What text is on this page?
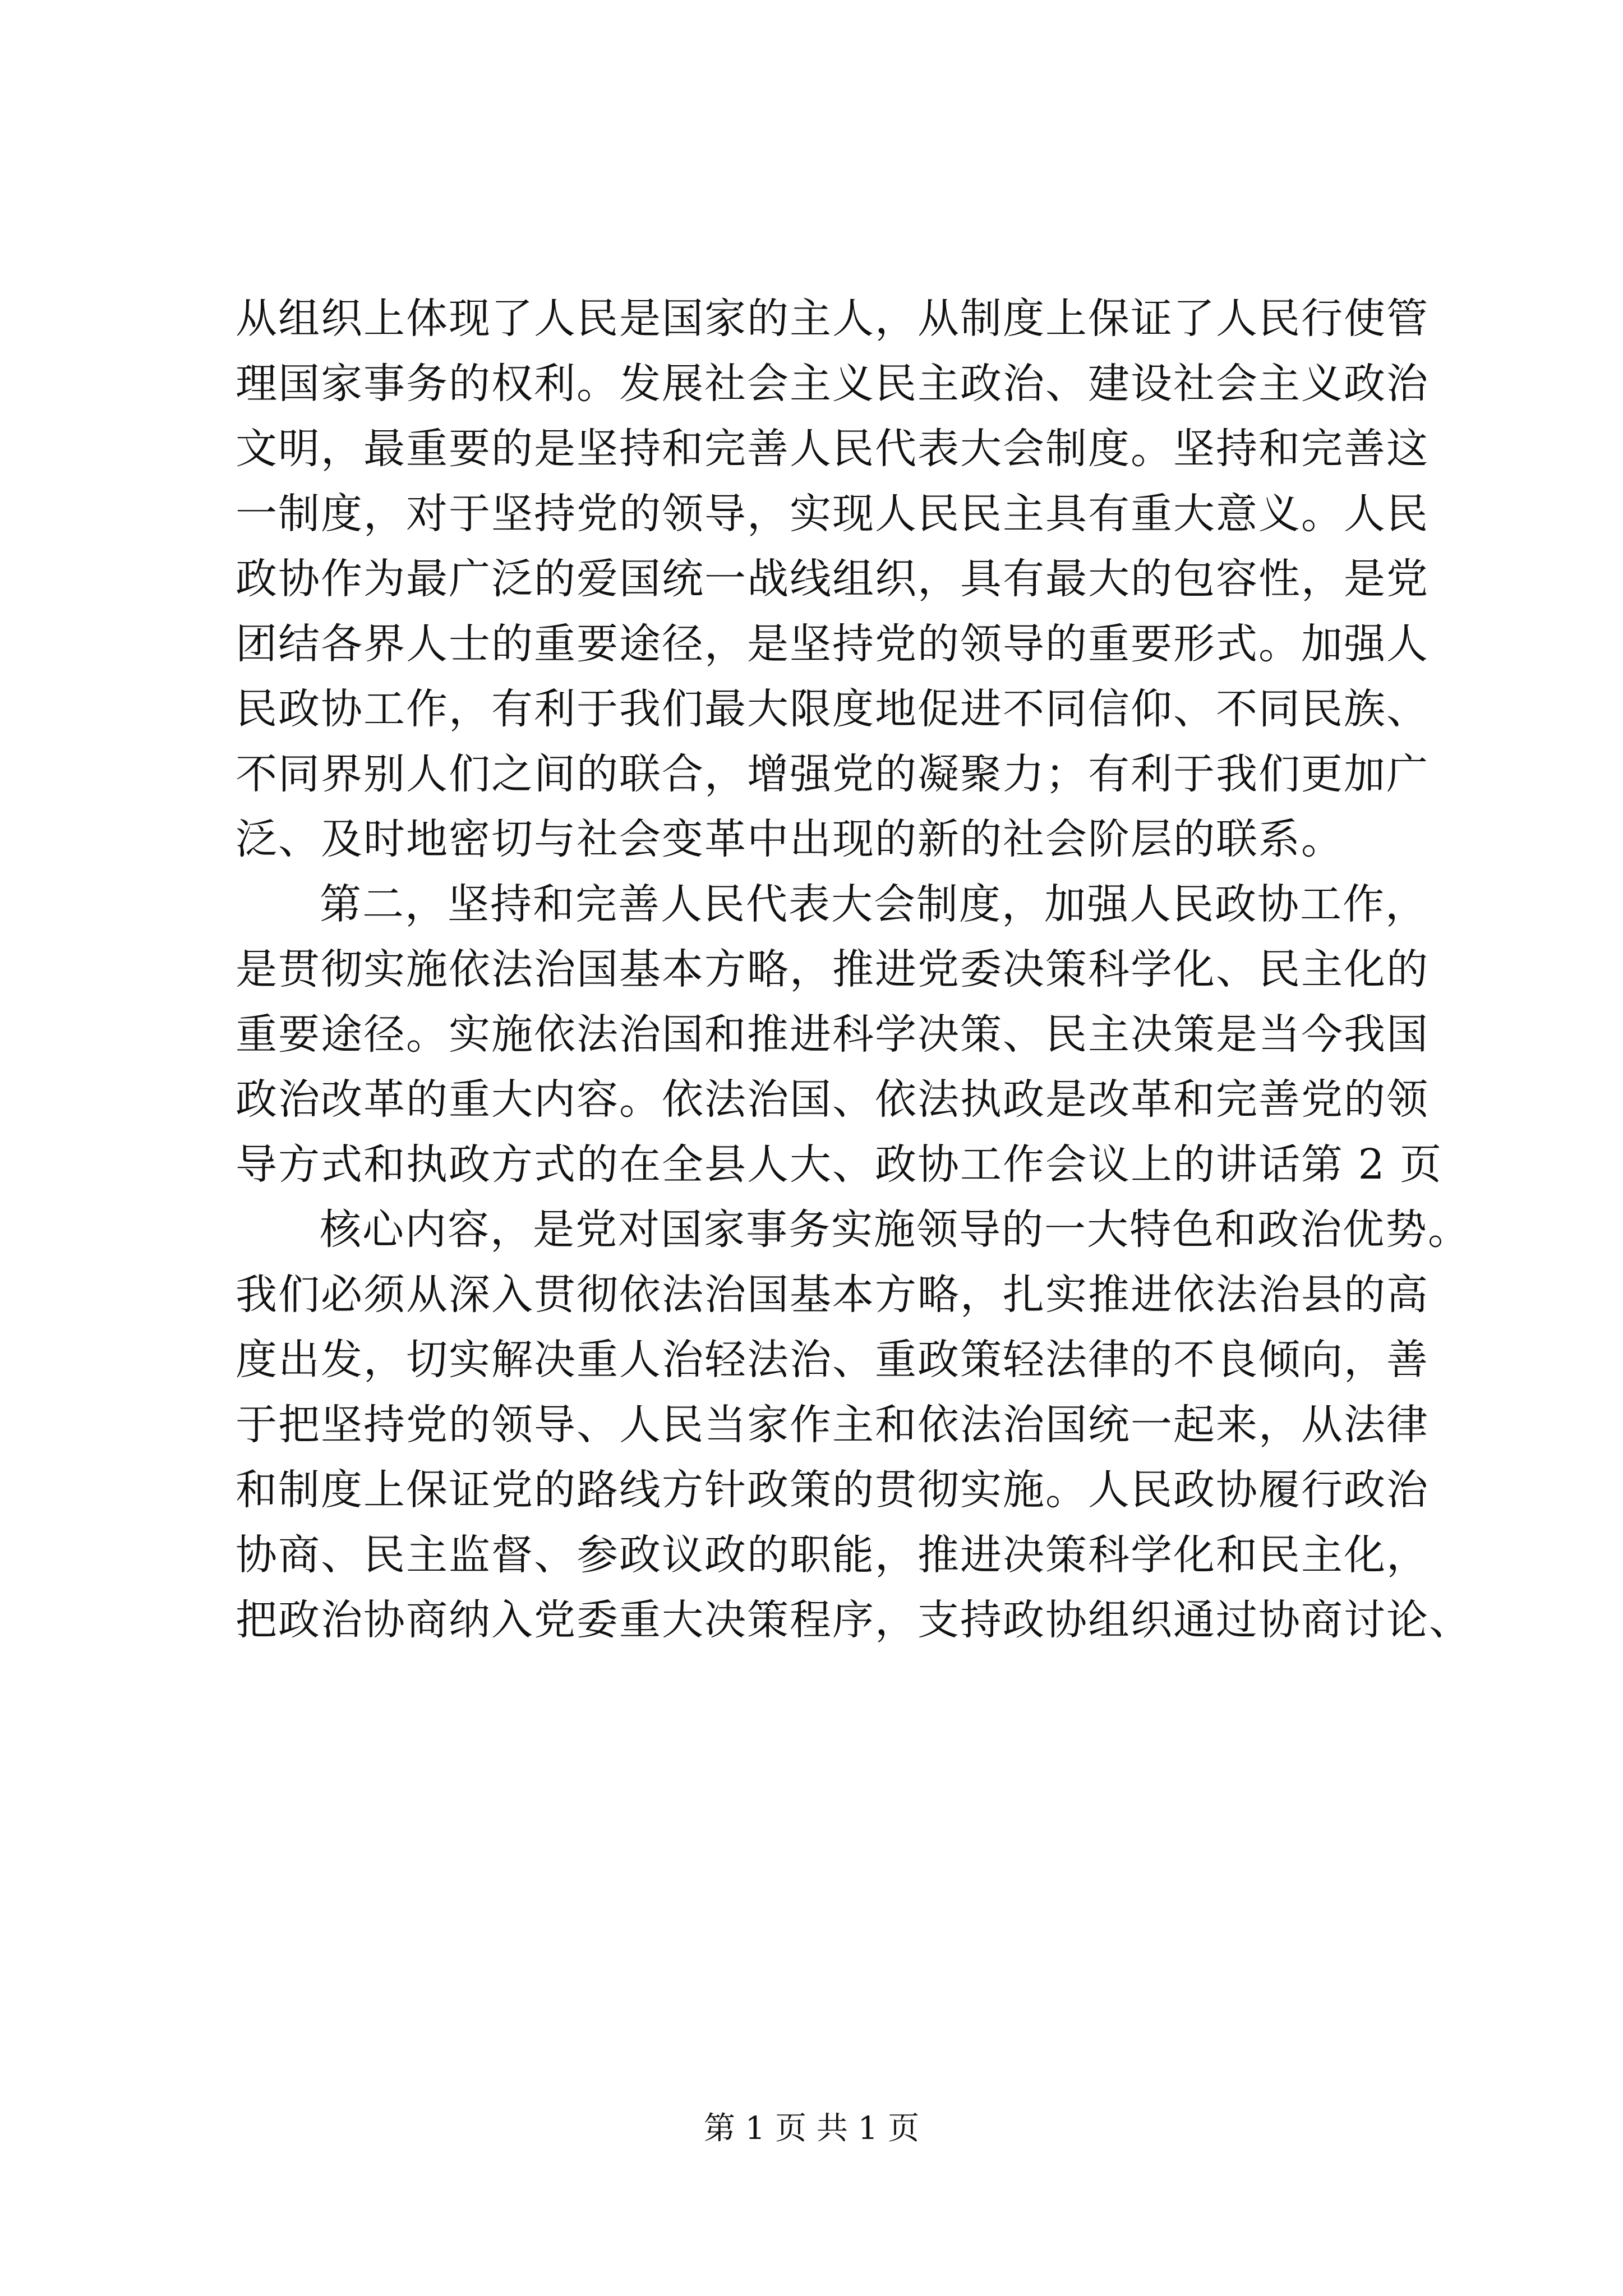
从组织上体现了人民是国家的主人，从制度上保证了人民行使管
理国家事务的权利。发展社会主义民主政治、建设社会主义政治
文明，最重要的是坚持和完善人民代表大会制度。坚持和完善这
一制度，对于坚持党的领导，实现人民民主具有重大意义。人民
政协作为最广泛的爱国统一战线组织，具有最大的包容性，是党
团结各界人士的重要途径，是坚持党的领导的重要形式。加强人
民政协工作，有利于我们最大限度地促进不同信仰、不同民族、
不同界别人们之间的联合，增强党的凝聚力；有利于我们更加广
泛、及时地密切与社会变革中出现的新的社会阶层的联系。
第二，坚持和完善人民代表大会制度，加强人民政协工作，
是贯彻实施依法治国基本方略，推进党委决策科学化、民主化的
重要途径。实施依法治国和推进科学决策、民主决策是当今我国
政治改革的重大内容。依法治国、依法执政是改革和完善党的领
导方式和执政方式的在全县人大、政协工作会议上的讲话第 2 页
核心内容，是党对国家事务实施领导的一大特色和政治优势。
我们必须从深入贯彻依法治国基本方略，扎实推进依法治县的高
度出发，切实解决重人治轻法治、重政策轻法律的不良倾向，善
于把坚持党的领导、人民当家作主和依法治国统一起来，从法律
和制度上保证党的路线方针政策的贯彻实施。人民政协履行政治
协商、民主监督、参政议政的职能，推进决策科学化和民主化，
把政治协商纳入党委重大决策程序，支持政协组织通过协商讨论、
第 1 页 共 1 页
